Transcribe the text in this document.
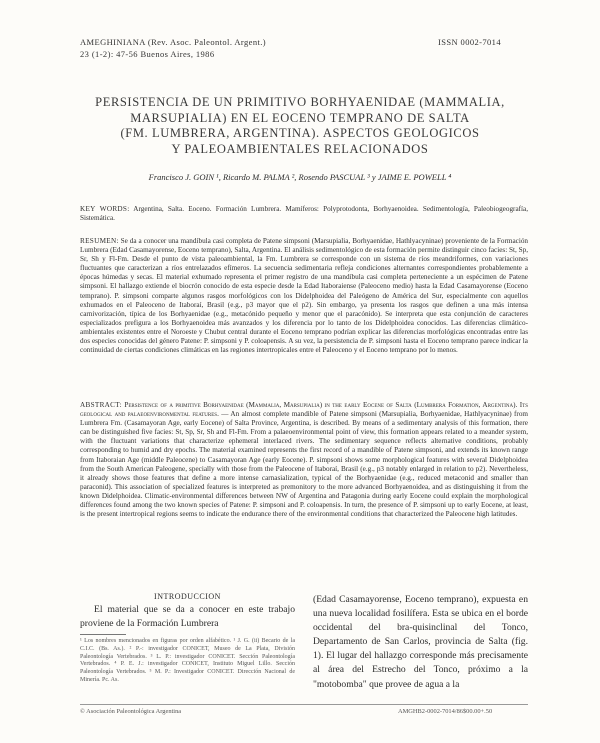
AMEGHINIANA (Rev. Asoc. Paleontol. Argent.)
23 (1-2): 47-56 Buenos Aires, 1986
ISSN 0002-7014
PERSISTENCIA DE UN PRIMITIVO BORHYAENIDAE (MAMMALIA,
MARSUPIALIA) EN EL EOCENO TEMPRANO DE SALTA
(FM. LUMBRERA, ARGENTINA). ASPECTOS GEOLOGICOS
Y PALEOAMBIENTALES RELACIONADOS
Francisco J. GOIN ¹, Ricardo M. PALMA ², Rosendo PASCUAL ³ y JAIME E. POWELL ⁴
KEY WORDS: Argentina, Salta. Eoceno. Formación Lumbrera. Mamíferos: Polyprotodonta, Borhyaenoidea. Sedimentología, Paleobiogeografía, Sistemática.
RESUMEN: Se da a conocer una mandíbula casi completa de Patene simpsoni (Marsupialia, Borhyaenidae, Hathlyacyninae) proveniente de la Formación Lumbrera (Edad Casamayorense, Eoceno temprano), Salta, Argentina. El análisis sedimentológico de esta formación permite distinguir cinco facies: St, Sp, Sr, Sh y Fl-Fm. Desde el punto de vista paleoambiental, la Fm. Lumbrera se corresponde con un sistema de ríos meandriformes, con variaciones fluctuantes que caracterizan a ríos entrelazados efímeros. La secuencia sedimentaria refleja condiciones alternantes correspondientes probablemente a épocas húmedas y secas. El material exhumado representa el primer registro de una mandíbula casi completa perteneciente a un espécimen de Patene simpsoni. El hallazgo extiende el biocrón conocido de esta especie desde la Edad Itaboraiense (Paleoceno medio) hasta la Edad Casamayorense (Eoceno temprano). P. simpsoni comparte algunos rasgos morfológicos con los Didelphoidea del Paleógeno de América del Sur, especialmente con aquellos exhumados en el Paleoceno de Itaboraí, Brasil (e.g., p3 mayor que el p2). Sin embargo, ya presenta los rasgos que definen a una más intensa carnivorización, típica de los Borhyaenidae (e.g., metacónido pequeño y menor que el paracónido). Se interpreta que esta conjunción de caracteres especializados prefigura a los Borhyaenoidea más avanzados y los diferencia por lo tanto de los Didelphoidea conocidos. Las diferencias climático-ambientales existentes entre el Noroeste y Chubut central durante el Eoceno temprano podrían explicar las diferencias morfológicas encontradas entre las dos especies conocidas del género Patene: P. simpsoni y P. coloapensis. A su vez, la persistencia de P. simpsoni hasta el Eoceno temprano parece indicar la continuidad de ciertas condiciones climáticas en las regiones intertropicales entre el Paleoceno y el Eoceno temprano por lo menos.
ABSTRACT: Persistence of a primitive Borhyaenidae (Mammalia, Marsupialia) in the early Eocene of Salta (Lumbrera Formation, Argentina). Its geological and palaeoenvironmental features. — An almost complete mandible of Patene simpsoni (Marsupialia, Borhyaenidae, Hathlyacyninae) from Lumbrera Fm. (Casamayoran Age, early Eocene) of Salta Province, Argentina, is described. By means of a sedimentary analysis of this formation, there can be distinguished five facies: St, Sp, Sr, Sh and Fl-Fm. From a palaeoenvironmental point of view, this formation appears related to a meander system, with the fluctuant variations that characterize ephemeral interlaced rivers. The sedimentary sequence reflects alternative conditions, probably corresponding to humid and dry epochs. The material examined represents the first record of a mandible of Patene simpsoni, and extends its known range from Itaboraian Age (middle Paleocene) to Casamayoran Age (early Eocene). P. simpsoni shows some morphological features with several Didelphoidea from the South American Paleogene, specially with those from the Paleocene of Itaboraí, Brasil (e.g., p3 notably enlarged in relation to p2). Nevertheless, it already shows those features that define a more intense carnasialization, typical of the Borhyaenidae (e.g., reduced metaconid and smaller than paraconid). This association of specialized features is interpreted as premonitory to the more advanced Borhyaenoidea, and as distinguishing it from the known Didelphoidea. Climatic-environmental differences between NW of Argentina and Patagonia during early Eocene could explain the morphological differences found among the two known species of Patene: P. simpsoni and P. coloapensis. In turn, the presence of P. simpsoni up to early Eocene, at least, is the present intertropical regions seems to indicate the endurance there of the environmental conditions that characterized the Paleocene high latitudes.
INTRODUCCION
El material que se da a conocer en este trabajo proviene de la Formación Lumbrera
¹ Los nombres mencionados en figuras por orden alfabético. ¹ J. G. (ii) Becario de la C.I.C. (Bs. As.). ² P.-: investigador CONICET, Museo de La Plata, División Paleontología Vertebrados. ³ L. P.: investigador CONICET. Sección Paleontología Vertebrados. ⁴ P. E. J.: investigador CONICET, Instituto Miguel Lillo. Sección Paleontología Vertebrados. ⁵ M. P.: Investigador CONICET. Dirección Nacional de Minería. Pc. As.
(Edad Casamayorense, Eoceno temprano), expuesta en una nueva localidad fosilífera. Esta se ubica en el borde occidental del bra-quisinclinal del Tonco, Departamento de San Carlos, provincia de Salta (fig. 1). El lugar del hallazgo corresponde más precisamente al área del Estrecho del Tonco, próximo a la "motobomba" que provee de agua a la
© Asociación Paleontológica Argentina	AMGHB2-0002-7014/86$00.00+.50
